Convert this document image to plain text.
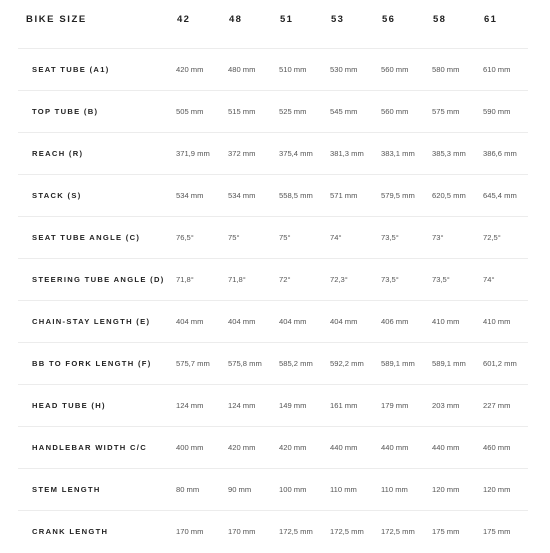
BIKE SIZE	42	48	51	53	56	58	61
SEAT TUBE (A1)	420 mm	480 mm	510 mm	530 mm	560 mm	580 mm	610 mm
TOP TUBE (B)	505 mm	515 mm	525 mm	545 mm	560 mm	575 mm	590 mm
REACH (R)	371,9 mm 372 mm	375,4 mm 381,3 mm 383,1 mm 385,3 mm 386,6 mm
STACK (S)	534 mm	534 mm	558,5 mm 571 mm	579,5 mm 620,5 mm 645,4 mm
SEAT TUBE ANGLE (C)	76,5°	75°	75°	74°	73,5°	73°	72,5°
STEERING TUBE ANGLE (D) 71,8°	71,8°	72°	72,3°	73,5°	73,5°	74°
CHAIN-STAY LENGTH (E)	404 mm	404 mm	404 mm	404 mm	406 mm	410 mm	410 mm
BB TO FORK LENGTH (F)	575,7 mm 575,8 mm 585,2 mm 592,2 mm 589,1 mm 589,1 mm 601,2 mm
HEAD TUBE (H)	124 mm	124 mm	149 mm	161 mm	179 mm	203 mm	227 mm
HANDLEBAR WIDTH C/C	400 mm	420 mm	420 mm	440 mm	440 mm	440 mm	460 mm
STEM LENGTH	80 mm	90 mm	100 mm	110 mm	110 mm	120 mm	120 mm
CRANK LENGTH	170 mm	170 mm	172,5 mm 172,5 mm 172,5 mm 175 mm	175 mm
